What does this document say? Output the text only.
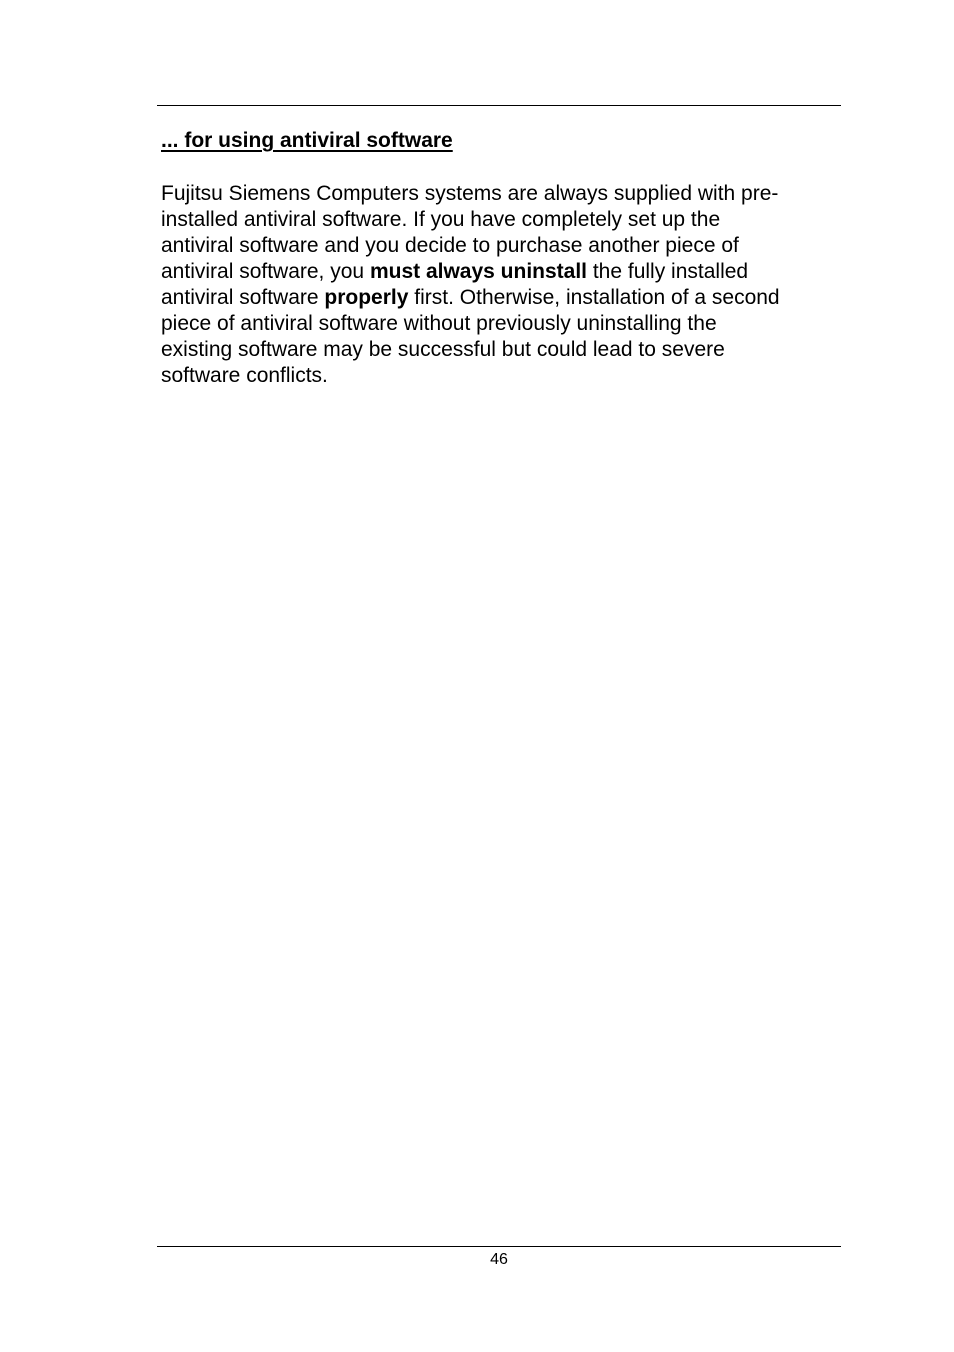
... for using antiviral software

Fujitsu Siemens Computers systems are always supplied with pre-
installed antiviral software. If you have completely set up the
antiviral software and you decide to purchase another piece of
antiviral software, you must always uninstall the fully installed
antiviral software properly first. Otherwise, installation of a second
piece of antiviral software without previously uninstalling the
existing software may be successful but could lead to severe
software conflicts.

46
